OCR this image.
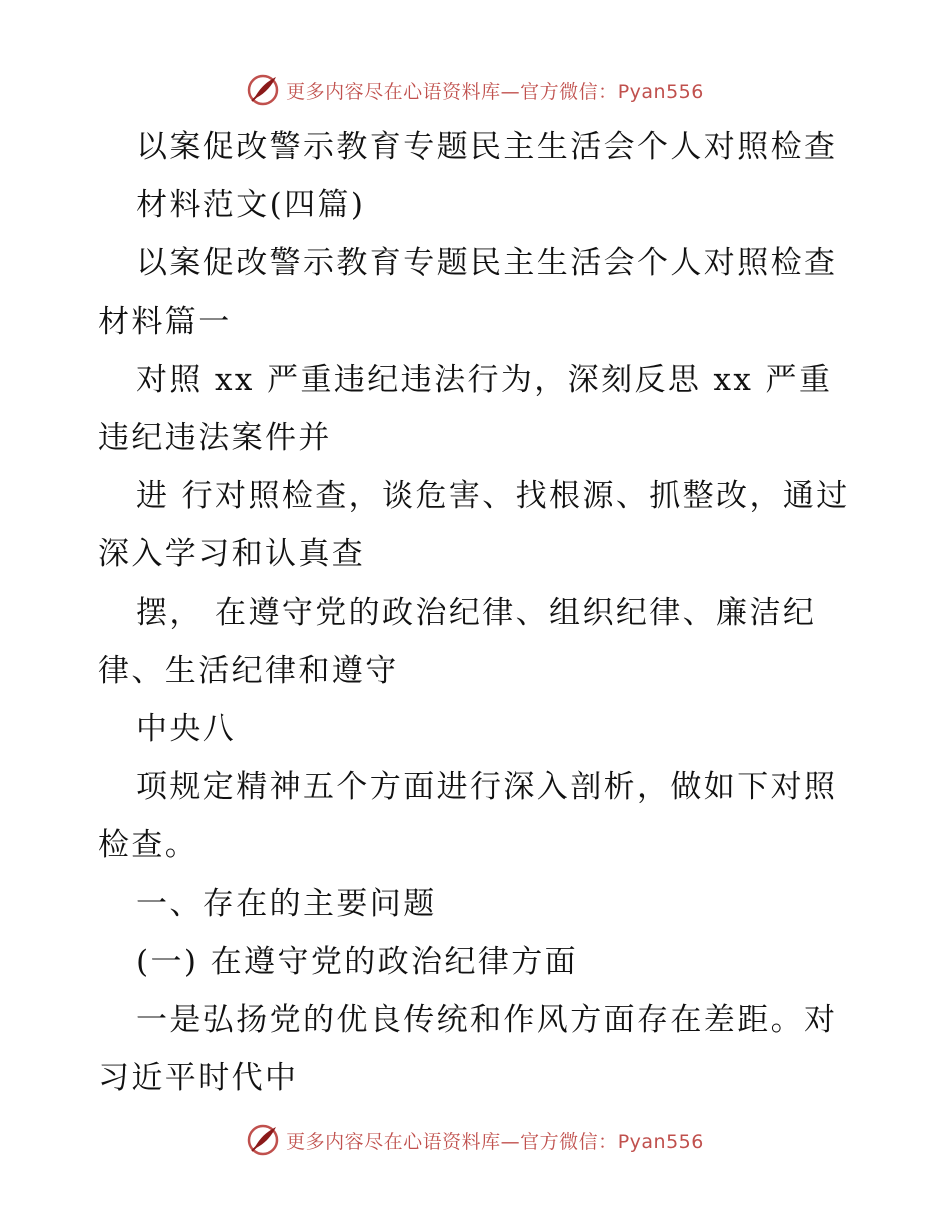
更多内容尽在心语资料库—官方微信：Pyan556

以案促改警示教育专题民主生活会个人对照检查

材料范文(四篇)

以案促改警示教育专题民主生活会个人对照检查材料篇一

对照 xx 严重违纪违法行为，深刻反思 xx 严重违纪违法案件并

进 行对照检查，谈危害、找根源、抓整改，通过深入学习和认真查

摆， 在遵守党的政治纪律、组织纪律、廉洁纪律、生活纪律和遵守

中央八

项规定精神五个方面进行深入剖析，做如下对照检查。

一、存在的主要问题

(一) 在遵守党的政治纪律方面

一是弘扬党的优良传统和作风方面存在差距。对习近平时代中

更多内容尽在心语资料库—官方微信：Pyan556
